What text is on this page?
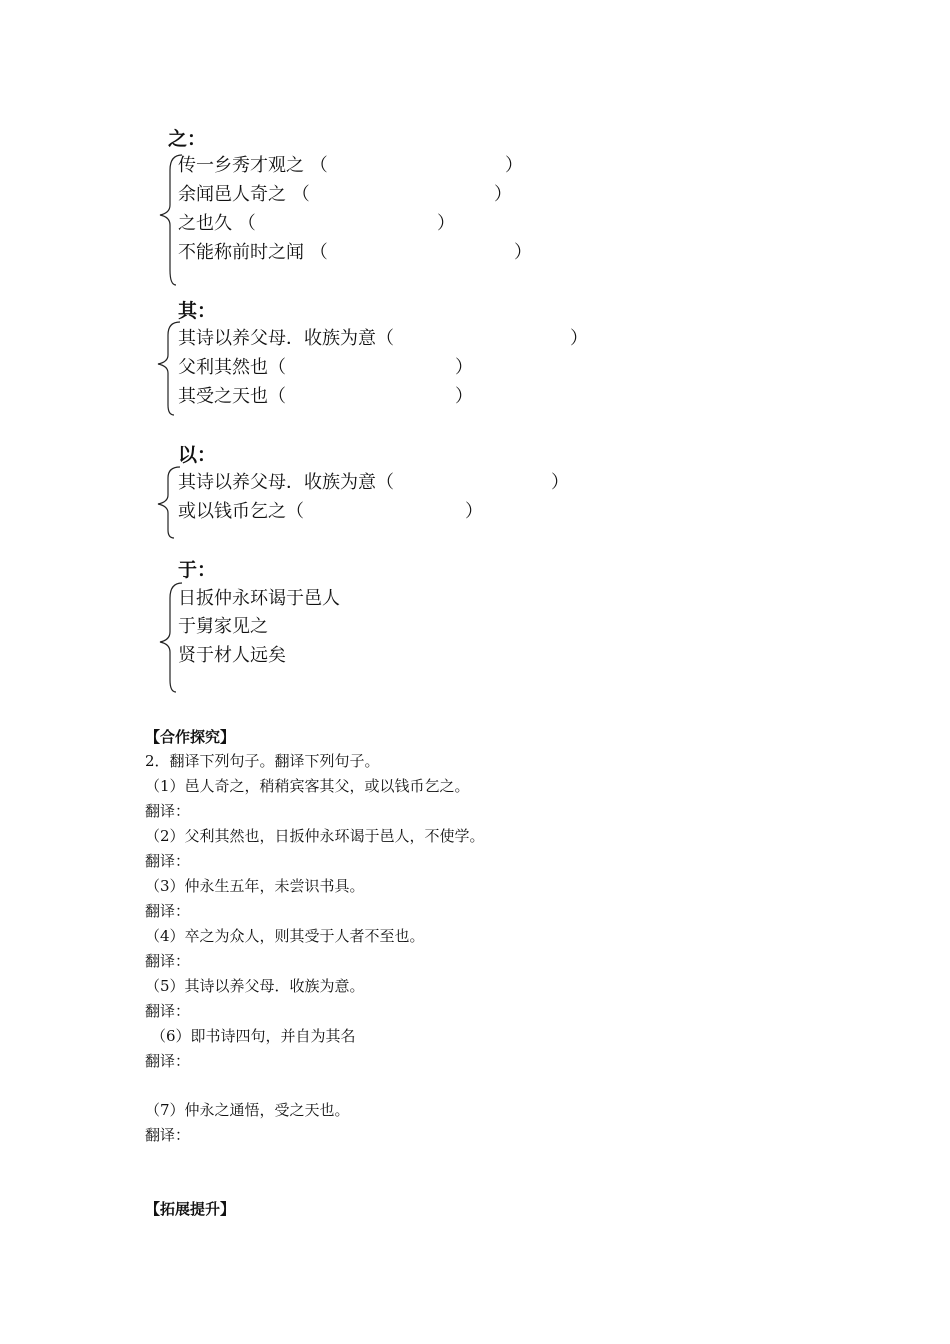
之：
传一乡秀才观之 （	）
余闻邑人奇之 （	）
之也久 （	）
不能称前时之闻 （	）
其：
其诗以养父母．收族为意（	）
父利其然也（	）
其受之天也（	）
以：
其诗以养父母．收族为意（	）
或以钱币乞之（	）
于：
日扳仲永环谒于邑人
于舅家见之
贤于材人远矣
【合作探究】
2．翻译下列句子。翻译下列句子。
（1）邑人奇之，稍稍宾客其父，或以钱币乞之。
翻译：
（2）父利其然也，日扳仲永环谒于邑人，不使学。
翻译：
（3）仲永生五年，未尝识书具。
翻译：
（4）卒之为众人，则其受于人者不至也。
翻译：
（5）其诗以养父母．收族为意。
翻译：
（6）即书诗四句，并自为其名
翻译：
（7）仲永之通悟，受之天也。
翻译：
【拓展提升】
